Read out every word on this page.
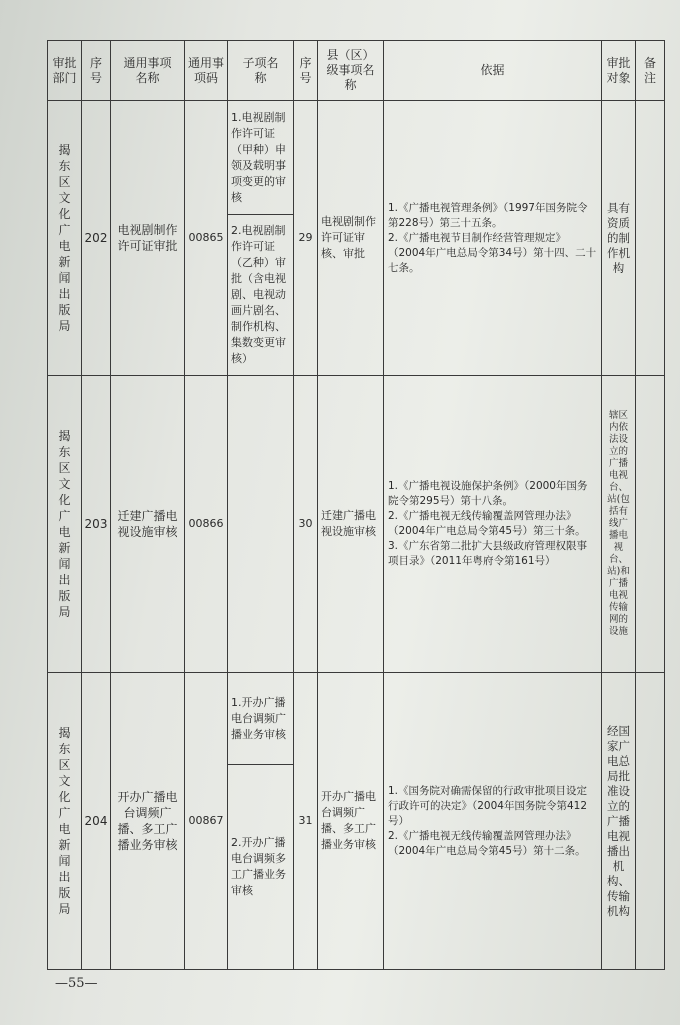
审批部门
序号
通用事项名称
通用事项码
子项名称
序号
县（区）级事项名称
依据
审批对象
备注
揭东区文化广电新闻出版局
202
电视剧制作许可证审批
00865
1.电视剧制作许可证（甲种）申领及载明事项变更的审核
2.电视剧制作许可证（乙种）审批（含电视剧、电视动画片剧名、制作机构、集数变更审核）
29
电视剧制作许可证审核、审批
1.《广播电视管理条例》（1997年国务院令第228号）第三十五条。
2.《广播电视节目制作经营管理规定》（2004年广电总局令第34号）第十四、二十七条。
具有资质的制作机构
揭东区文化广电新闻出版局
203
迁建广播电视设施审核
00866	30
迁建广播电视设施审核
1.《广播电视设施保护条例》（2000年国务院令第295号）第十八条。
2.《广播电视无线传输覆盖网管理办法》（2004年广电总局令第45号）第三十条。
3.《广东省第二批扩大县级政府管理权限事项目录》（2011年粤府令第161号）
辖区内依法设立的广播电视台、站(包括有线广播电视台、站)和广播电视传输网的设施
揭东区文化广电新闻出版局
204
开办广播电台调频广播、多工广播业务审核
00867
1.开办广播电台调频广播业务审核
2.开办广播电台调频多工广播业务审核
31
开办广播电台调频广播、多工广播业务审核
1.《国务院对确需保留的行政审批项目设定行政许可的决定》（2004年国务院令第412号）
2.《广播电视无线传输覆盖网管理办法》（2004年广电总局令第45号）第十二条。
经国家广电总局批准设立的广播电视播出机构、传输机构
—55—
